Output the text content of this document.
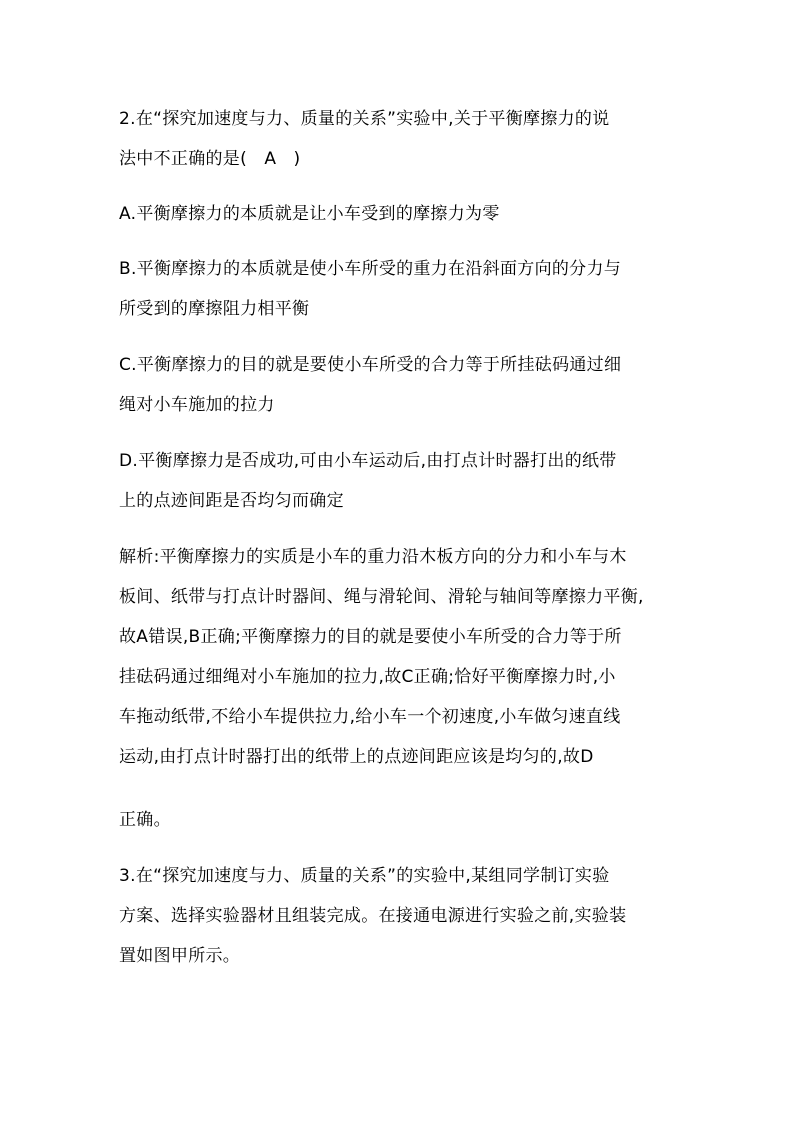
2.在“探究加速度与力、质量的关系”实验中,关于平衡摩擦力的说
法中不正确的是(　A　)
A.平衡摩擦力的本质就是让小车受到的摩擦力为零
B.平衡摩擦力的本质就是使小车所受的重力在沿斜面方向的分力与
所受到的摩擦阻力相平衡
C.平衡摩擦力的目的就是要使小车所受的合力等于所挂砝码通过细
绳对小车施加的拉力
D.平衡摩擦力是否成功,可由小车运动后,由打点计时器打出的纸带
上的点迹间距是否均匀而确定
解析:平衡摩擦力的实质是小车的重力沿木板方向的分力和小车与木
板间、纸带与打点计时器间、绳与滑轮间、滑轮与轴间等摩擦力平衡,
故A错误,B正确;平衡摩擦力的目的就是要使小车所受的合力等于所
挂砝码通过细绳对小车施加的拉力,故C正确;恰好平衡摩擦力时,小
车拖动纸带,不给小车提供拉力,给小车一个初速度,小车做匀速直线
运动,由打点计时器打出的纸带上的点迹间距应该是均匀的,故D
正确。
3.在“探究加速度与力、质量的关系”的实验中,某组同学制订实验
方案、选择实验器材且组装完成。在接通电源进行实验之前,实验装
置如图甲所示。
